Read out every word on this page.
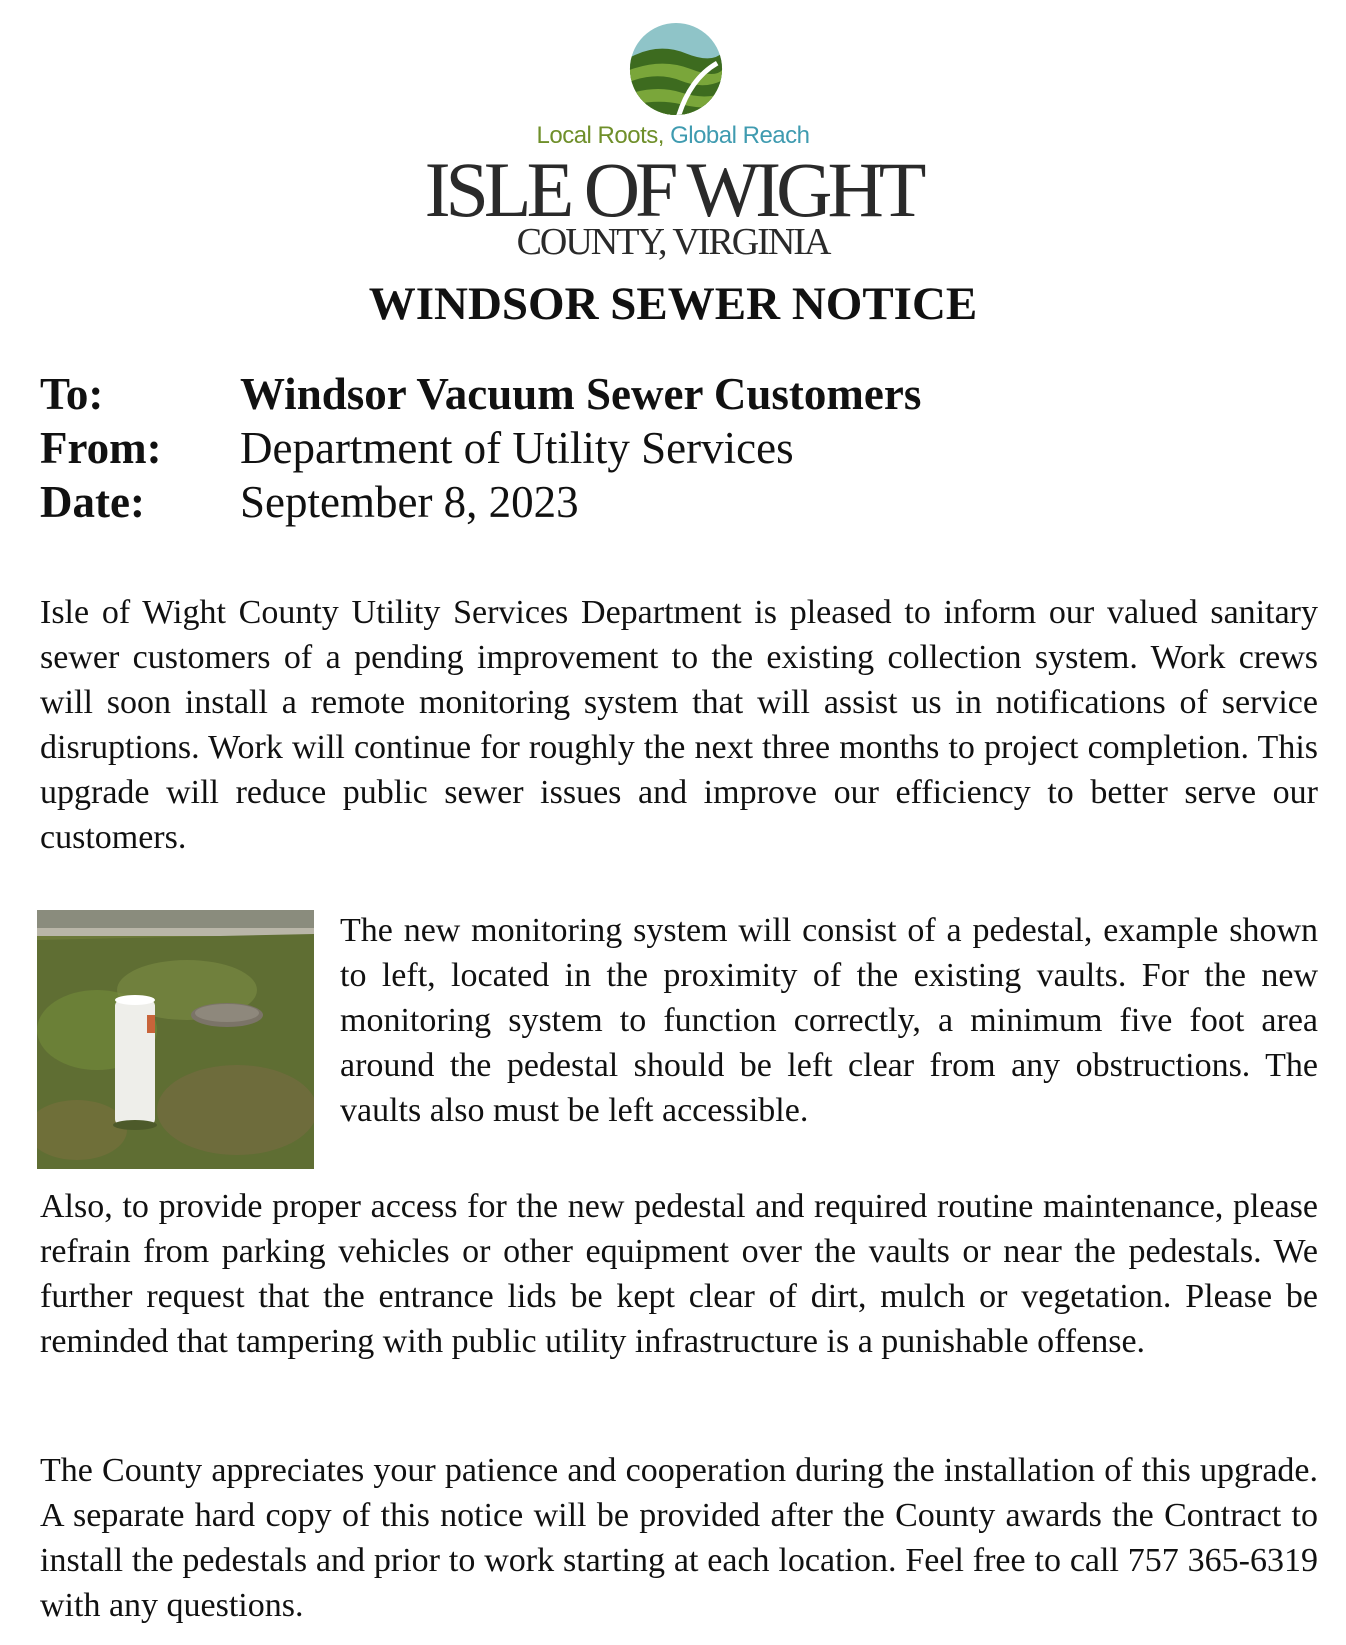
Local Roots, Global Reach
ISLE OF WIGHT
COUNTY, VIRGINIA
WINDSOR SEWER NOTICE
To:	Windsor Vacuum Sewer Customers
From: Department of Utility Services
Date: September 8, 2023

Isle of Wight County Utility Services Department is pleased to inform our valued sanitary sewer customers of a pending improvement to the existing collection system. Work crews will soon install a remote monitoring system that will assist us in notifications of service disruptions. Work will continue for roughly the next three months to project completion. This upgrade will reduce public sewer issues and improve our efficiency to better serve our customers.

The new monitoring system will consist of a pedestal, example shown to left, located in the proximity of the existing vaults. For the new monitoring system to function correctly, a minimum five foot area around the pedestal should be left clear from any obstructions. The vaults also must be left accessible.

Also, to provide proper access for the new pedestal and required routine maintenance, please refrain from parking vehicles or other equipment over the vaults or near the pedestals. We further request that the entrance lids be kept clear of dirt, mulch or vegetation. Please be reminded that tampering with public utility infrastructure is a punishable offense.

The County appreciates your patience and cooperation during the installation of this upgrade. A separate hard copy of this notice will be provided after the County awards the Contract to install the pedestals and prior to work starting at each location. Feel free to call 757 365-6319 with any questions.
